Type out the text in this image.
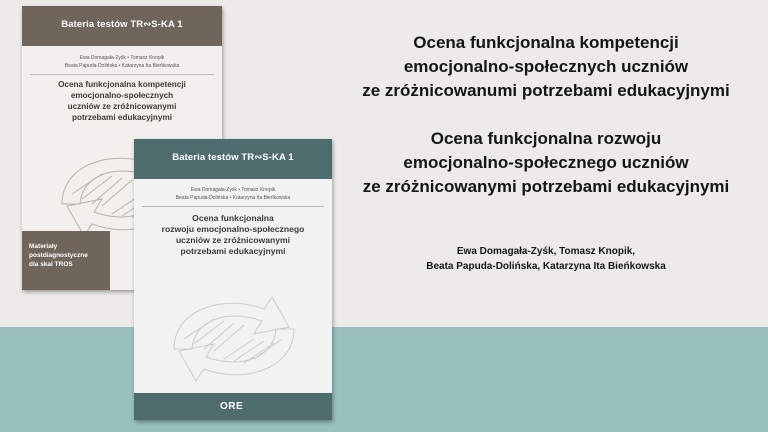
Bateria testów TR∾S-KA 1
Ewa Domagała-Zyśk • Tomasz Knopik
Beata Papuda-Dolińska • Katarzyna Ita Bieńkowska
Ocena funkcjonalna kompetencji
emocjonalno-społecznych
uczniów ze zróżnicowanymi
potrzebami edukacyjnymi
Materiały
postdiagnostyczne
dla skal TROS
Bateria testów TR∾S-KA 1
Ewa Domagała-Zyśk • Tomasz Knopik
Beata Papuda-Dolińska • Katarzyna Ita Bieńkowska
Ocena funkcjonalna
rozwoju emocjonalno-społecznego
uczniów ze zróżnicowanymi
potrzebami edukacyjnymi
ORE
Ocena funkcjonalna kompetencji
emocjonalno-społecznych uczniów
ze zróżnicowanumi potrzebami edukacyjnymi
Ocena funkcjonalna rozwoju
emocjonalno-społecznego uczniów
ze zróżnicowanymi potrzebami edukacyjnymi
Ewa Domagała-Zyśk, Tomasz Knopik,
Beata Papuda-Dolińska, Katarzyna Ita Bieńkowska
